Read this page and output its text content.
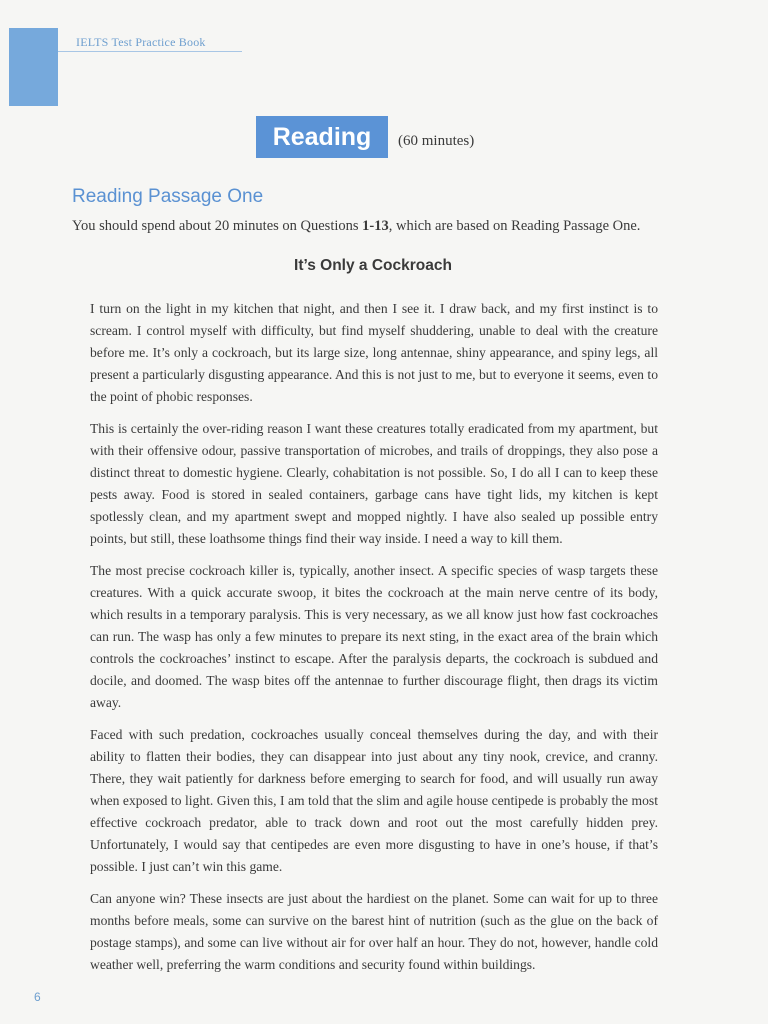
IELTS Test Practice Book
Reading	(60 minutes)
Reading Passage One
You should spend about 20 minutes on Questions 1-13, which are based on Reading Passage One.
It’s Only a Cockroach

I turn on the light in my kitchen that night, and then I see it. I draw back, and my first instinct is to scream. I control myself with difficulty, but find myself shuddering, unable to deal with the creature before me. It’s only a cockroach, but its large size, long antennae, shiny appearance, and spiny legs, all present a particularly disgusting appearance. And this is not just to me, but to everyone it seems, even to the point of phobic responses.

This is certainly the over-riding reason I want these creatures totally eradicated from my apartment, but with their offensive odour, passive transportation of microbes, and trails of droppings, they also pose a distinct threat to domestic hygiene. Clearly, cohabitation is not possible. So, I do all I can to keep these pests away. Food is stored in sealed containers, garbage cans have tight lids, my kitchen is kept spotlessly clean, and my apartment swept and mopped nightly. I have also sealed up possible entry points, but still, these loathsome things find their way inside. I need a way to kill them.

The most precise cockroach killer is, typically, another insect. A specific species of wasp targets these creatures. With a quick accurate swoop, it bites the cockroach at the main nerve centre of its body, which results in a temporary paralysis. This is very necessary, as we all know just how fast cockroaches can run. The wasp has only a few minutes to prepare its next sting, in the exact area of the brain which controls the cockroaches’ instinct to escape. After the paralysis departs, the cockroach is subdued and docile, and doomed. The wasp bites off the antennae to further discourage flight, then drags its victim away.

Faced with such predation, cockroaches usually conceal themselves during the day, and with their ability to flatten their bodies, they can disappear into just about any tiny nook, crevice, and cranny. There, they wait patiently for darkness before emerging to search for food, and will usually run away when exposed to light. Given this, I am told that the slim and agile house centipede is probably the most effective cockroach predator, able to track down and root out the most carefully hidden prey. Unfortunately, I would say that centipedes are even more disgusting to have in one’s house, if that’s possible. I just can’t win this game.

Can anyone win? These insects are just about the hardiest on the planet. Some can wait for up to three months before meals, some can survive on the barest hint of nutrition (such as the glue on the back of postage stamps), and some can live without air for over half an hour. They do not, however, handle cold weather well, preferring the warm conditions and security found within buildings.

6
